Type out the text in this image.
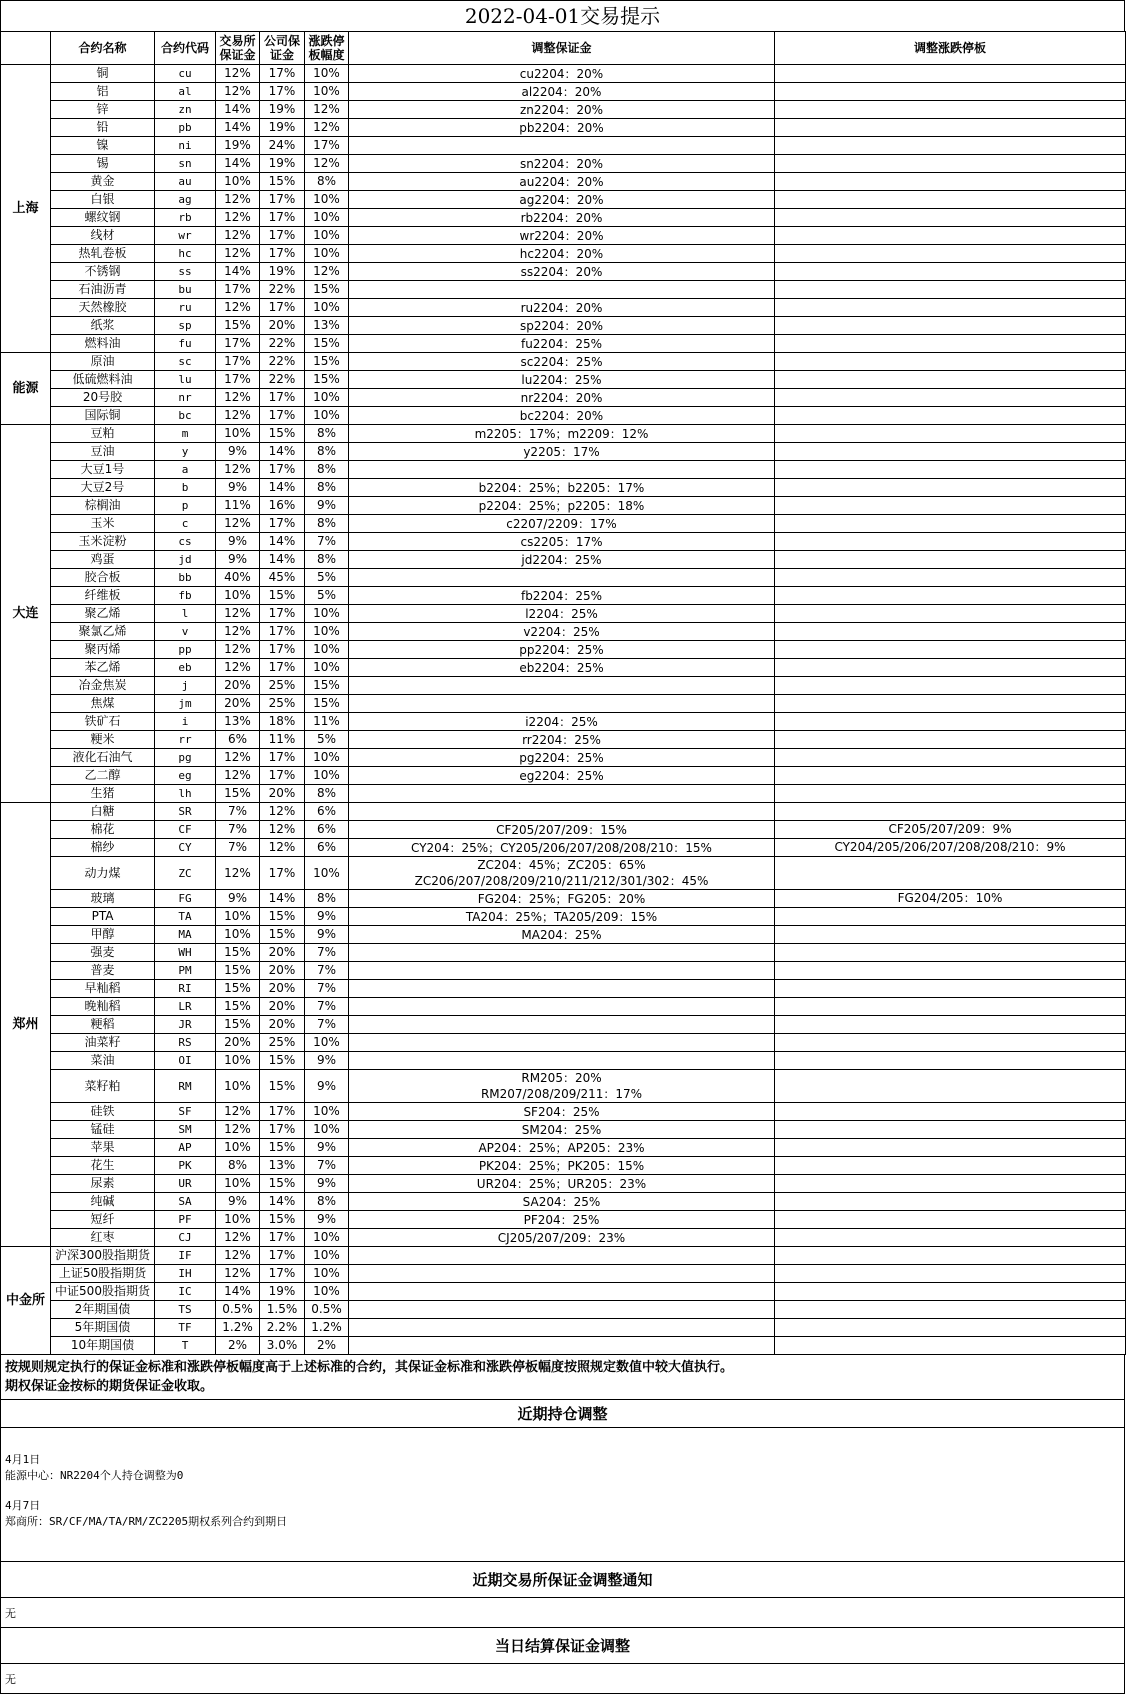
2022-04-01交易提示
	合约名称	合约代码	交易所保证金	公司保证金	涨跌停板幅度	调整保证金	调整涨跌停板
上海	铜	cu	12%	17%	10%	cu2204：20%	

	铝	al	12%	17%	10%	al2204：20%	

	锌	zn	14%	19%	12%	zn2204：20%	

	铅	pb	14%	19%	12%	pb2204：20%	

	镍	ni	19%	24%	17%	

	锡	sn	14%	19%	12%	sn2204：20%	

	黄金	au	10%	15%	8%	au2204：20%	

	白银	ag	12%	17%	10%	ag2204：20%	

	螺纹钢	rb	12%	17%	10%	rb2204：20%	

	线材	wr	12%	17%	10%	wr2204：20%	

	热轧卷板	hc	12%	17%	10%	hc2204：20%	

	不锈钢	ss	14%	19%	12%	ss2204：20%	

	石油沥青	bu	17%	22%	15%	

	天然橡胶	ru	12%	17%	10%	ru2204：20%	

	纸浆	sp	15%	20%	13%	sp2204：20%	

	燃料油	fu	17%	22%	15%	fu2204：25%	

能源	原油	sc	17%	22%	15%	sc2204：25%	

	低硫燃料油	lu	17%	22%	15%	lu2204：25%	

	20号胶	nr	12%	17%	10%	nr2204：20%	

	国际铜	bc	12%	17%	10%	bc2204：20%	

大连	豆粕	m	10%	15%	8%	m2205：17%；m2209：12%	

	豆油	y	9%	14%	8%	y2205：17%	

	大豆1号	a	12%	17%	8%	

	大豆2号	b	9%	14%	8%	b2204：25%；b2205：17%	

	棕榈油	p	11%	16%	9%	p2204：25%；p2205：18%	

	玉米	c	12%	17%	8%	c2207/2209：17%	

	玉米淀粉	cs	9%	14%	7%	cs2205：17%	

	鸡蛋	jd	9%	14%	8%	jd2204：25%	

	胶合板	bb	40%	45%	5%	

	纤维板	fb	10%	15%	5%	fb2204：25%	

	聚乙烯	l	12%	17%	10%	l2204：25%	

	聚氯乙烯	v	12%	17%	10%	v2204：25%	

	聚丙烯	pp	12%	17%	10%	pp2204：25%	

	苯乙烯	eb	12%	17%	10%	eb2204：25%	

	冶金焦炭	j	20%	25%	15%	

	焦煤	jm	20%	25%	15%	

	铁矿石	i	13%	18%	11%	i2204：25%	

	粳米	rr	6%	11%	5%	rr2204：25%	

	液化石油气	pg	12%	17%	10%	pg2204：25%	

	乙二醇	eg	12%	17%	10%	eg2204：25%	

	生猪	lh	15%	20%	8%	

郑州	白糖	SR	7%	12%	6%	

	棉花	CF	7%	12%	6%	CF205/207/209：15%	CF205/207/209：9%
	棉纱	CY	7%	12%	6%	CY204：25%；CY205/206/207/208/208/210：15%	CY204/205/206/207/208/208/210：9%
	动力煤	ZC	12%	17%	10%	ZC204：45%；ZC205：65%
ZC206/207/208/209/210/211/212/301/302：45%	

	玻璃	FG	9%	14%	8%	FG204：25%；FG205：20%	FG204/205：10%
	PTA	TA	10%	15%	9%	TA204：25%；TA205/209：15%	

	甲醇	MA	10%	15%	9%	MA204：25%	

	强麦	WH	15%	20%	7%	

	普麦	PM	15%	20%	7%	

	早籼稻	RI	15%	20%	7%	

	晚籼稻	LR	15%	20%	7%	

	粳稻	JR	15%	20%	7%	

	油菜籽	RS	20%	25%	10%	

	菜油	OI	10%	15%	9%	

	菜籽粕	RM	10%	15%	9%	RM205：20%
RM207/208/209/211：17%	

	硅铁	SF	12%	17%	10%	SF204：25%	

	锰硅	SM	12%	17%	10%	SM204：25%	

	苹果	AP	10%	15%	9%	AP204：25%；AP205：23%	

	花生	PK	8%	13%	7%	PK204：25%；PK205：15%	

	尿素	UR	10%	15%	9%	UR204：25%；UR205：23%	

	纯碱	SA	9%	14%	8%	SA204：25%	

	短纤	PF	10%	15%	9%	PF204：25%	

	红枣	CJ	12%	17%	10%	CJ205/207/209：23%	

中金所	沪深300股指期货	IF	12%	17%	10%	

	上证50股指期货	IH	12%	17%	10%	

	中证500股指期货	IC	14%	19%	10%	

	2年期国债	TS	0.5%	1.5%	0.5%	

	5年期国债	TF	1.2%	2.2%	1.2%	

	10年期国债	T	2%	3.0%	2%	

按规则规定执行的保证金标准和涨跌停板幅度高于上述标准的合约，其保证金标准和涨跌停板幅度按照规定数值中较大值执行。
期权保证金按标的期货保证金收取。
近期持仓调整
4月1日
能源中心：NR2204个人持仓调整为0
4月7日
郑商所：SR/CF/MA/TA/RM/ZC2205期权系列合约到期日
近期交易所保证金调整通知
无
当日结算保证金调整
无
